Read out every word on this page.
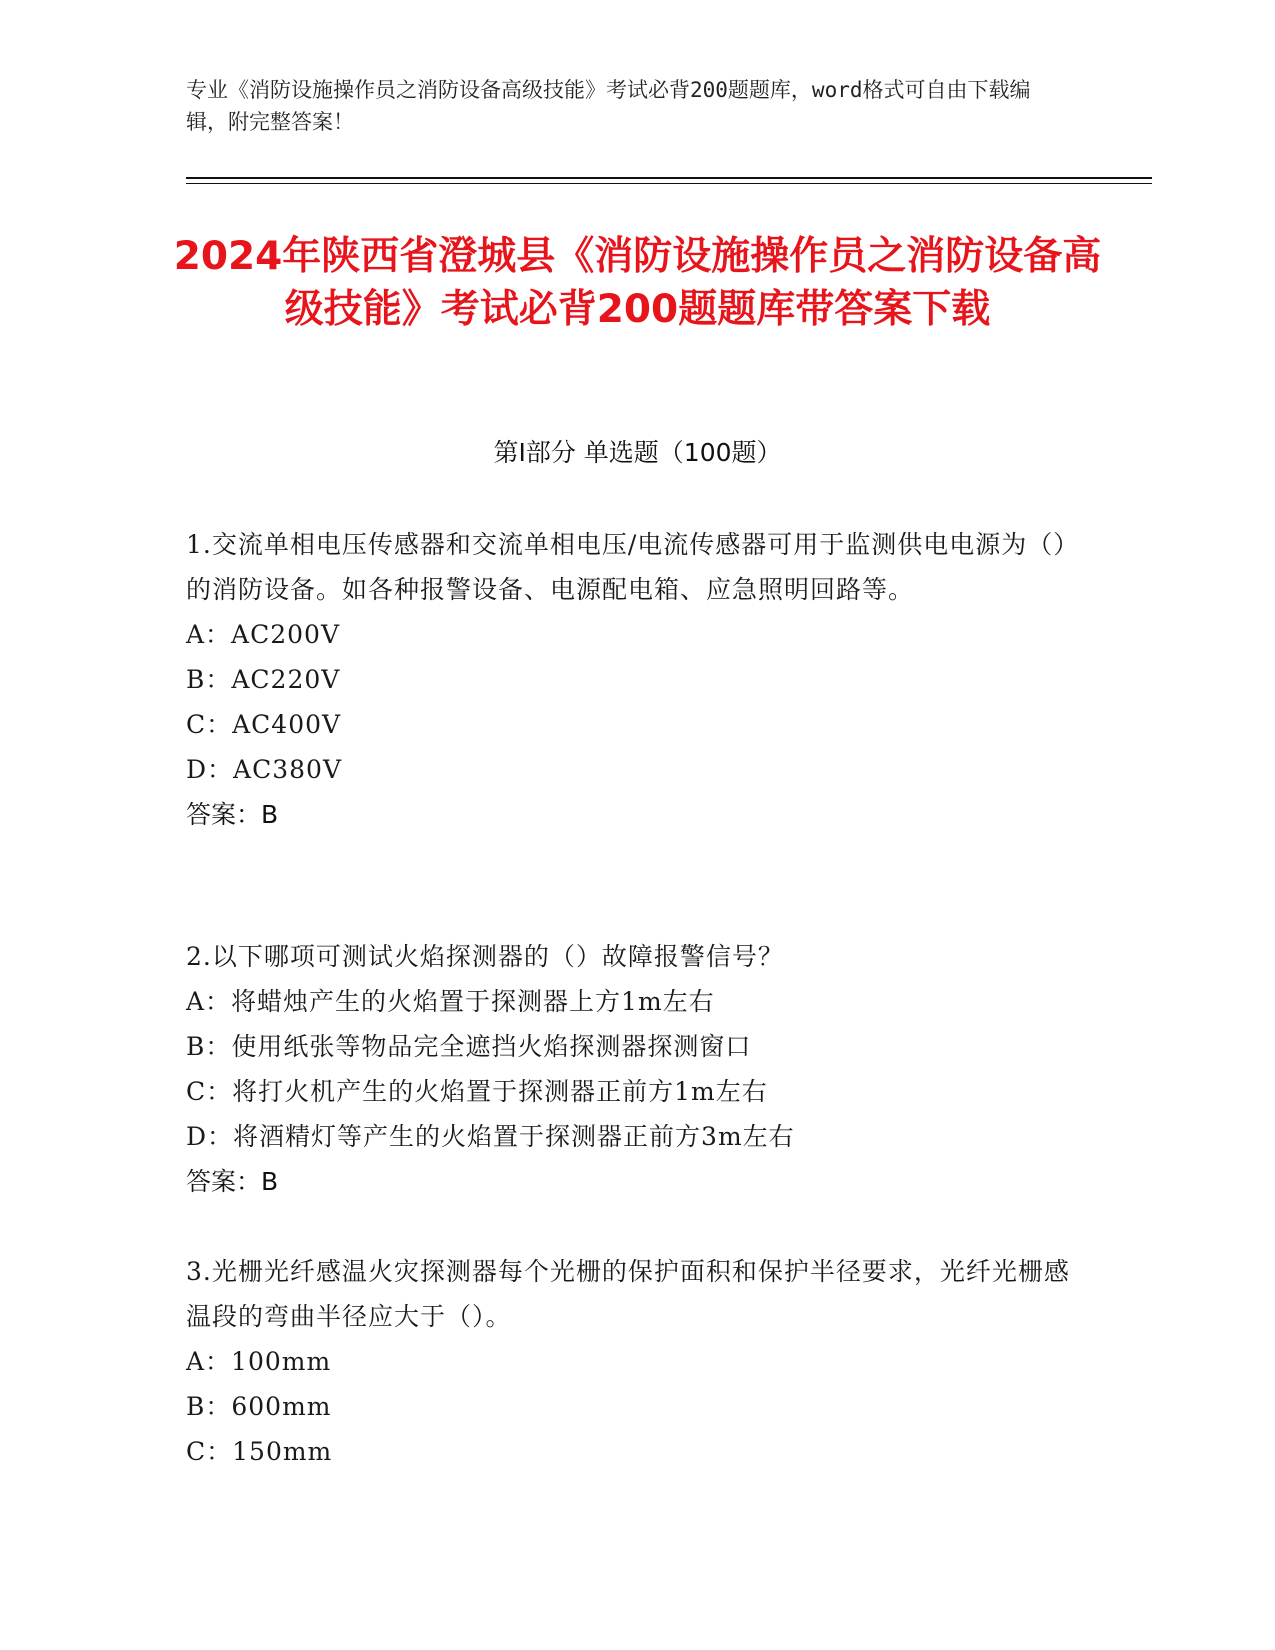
专业《消防设施操作员之消防设备高级技能》考试必背200题题库，word格式可自由下载编辑，附完整答案！
2024年陕西省澄城县《消防设施操作员之消防设备高级技能》考试必背200题题库带答案下载
第Ⅰ部分 单选题（100题）
1.交流单相电压传感器和交流单相电压/电流传感器可用于监测供电电源为（）的消防设备。如各种报警设备、电源配电箱、应急照明回路等。
A：AC200V
B：AC220V
C：AC400V
D：AC380V
答案：B
2.以下哪项可测试火焰探测器的（）故障报警信号？
A：将蜡烛产生的火焰置于探测器上方1m左右
B：使用纸张等物品完全遮挡火焰探测器探测窗口
C：将打火机产生的火焰置于探测器正前方1m左右
D：将酒精灯等产生的火焰置于探测器正前方3m左右
答案：B
3.光栅光纤感温火灾探测器每个光栅的保护面积和保护半径要求，光纤光栅感温段的弯曲半径应大于（）。
A：100mm
B：600mm
C：150mm
